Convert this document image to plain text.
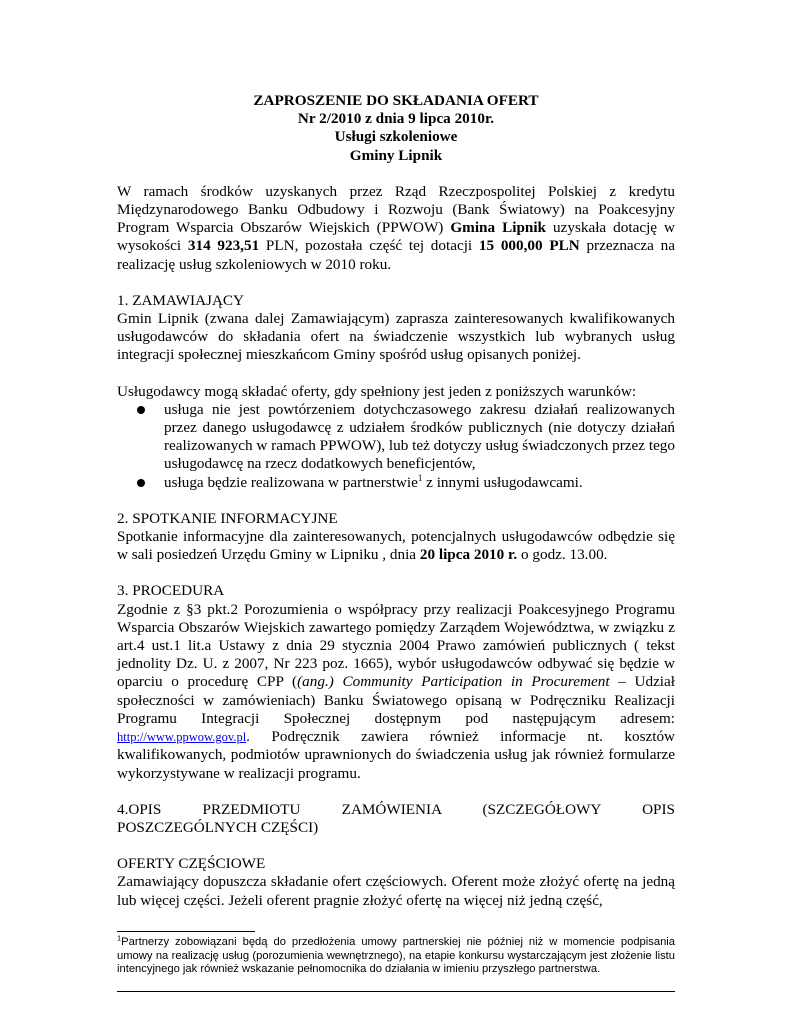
ZAPROSZENIE DO SKŁADANIA OFERT

Nr 2/2010 z dnia 9 lipca 2010r.

Usługi szkoleniowe

Gminy Lipnik

W ramach środków uzyskanych przez Rząd Rzeczpospolitej Polskiej z kredytu Międzynarodowego Banku Odbudowy i Rozwoju (Bank Światowy) na Poakcesyjny Program Wsparcia Obszarów Wiejskich (PPWOW) Gmina Lipnik uzyskała dotację w wysokości 314 923,51 PLN, pozostała część tej dotacji 15 000,00 PLN przeznacza na realizację usług szkoleniowych w 2010 roku.

1. ZAMAWIAJĄCY

Gmin Lipnik (zwana dalej Zamawiającym) zaprasza zainteresowanych kwalifikowanych usługodawców do składania ofert na świadczenie wszystkich lub wybranych usług integracji społecznej mieszkańcom Gminy spośród usług opisanych poniżej.

Usługodawcy mogą składać oferty, gdy spełniony jest jeden z poniższych warunków:

usługa nie jest powtórzeniem dotychczasowego zakresu działań realizowanych przez danego usługodawcę z udziałem środków publicznych (nie dotyczy działań realizowanych w ramach PPWOW), lub też dotyczy usług świadczonych przez tego usługodawcę na rzecz dodatkowych beneficjentów,
usługa będzie realizowana w partnerstwie$^1$ z innymi usługodawcami.

2. SPOTKANIE INFORMACYJNE

Spotkanie informacyjne dla zainteresowanych, potencjalnych usługodawców odbędzie się w sali posiedzeń Urzędu Gminy w Lipniku , dnia 20 lipca 2010 r. o godz. 13.00.

3. PROCEDURA

Zgodnie z §3 pkt.2 Porozumienia o współpracy przy realizacji Poakcesyjnego Programu Wsparcia Obszarów Wiejskich zawartego pomiędzy Zarządem Województwa, w związku z art.4 ust.1 lit.a Ustawy z dnia 29 stycznia 2004 Prawo zamówień publicznych ( tekst jednolity Dz. U. z 2007, Nr 223 poz. 1665), wybór usługodawców odbywać się będzie w oparciu o procedurę CPP ((ang.) Community Participation in Procurement – Udział społeczności w zamówieniach) Banku Światowego opisaną w Podręczniku Realizacji Programu Integracji Społecznej dostępnym pod następującym adresem: http://www.ppwow.gov.pl. Podręcznik zawiera również informacje nt. kosztów kwalifikowanych, podmiotów uprawnionych do świadczenia usług jak również formularze wykorzystywane w realizacji programu.

4.OPIS PRZEDMIOTU ZAMÓWIENIA (SZCZEGÓŁOWY OPIS

POSZCZEGÓLNYCH CZĘŚCI)

OFERTY CZĘŚCIOWE

Zamawiający dopuszcza składanie ofert częściowych. Oferent może złożyć ofertę na jedną lub więcej części. Jeżeli oferent pragnie złożyć ofertę na więcej niż jedną część,

$^1$Partnerzy zobowiązani będą do przedłożenia umowy partnerskiej nie później niż w momencie podpisania umowy na realizację usług (porozumienia wewnętrznego), na etapie konkursu wystarczającym jest złożenie listu intencyjnego jak również wskazanie pełnomocnika do działania w imieniu przyszłego partnerstwa.
